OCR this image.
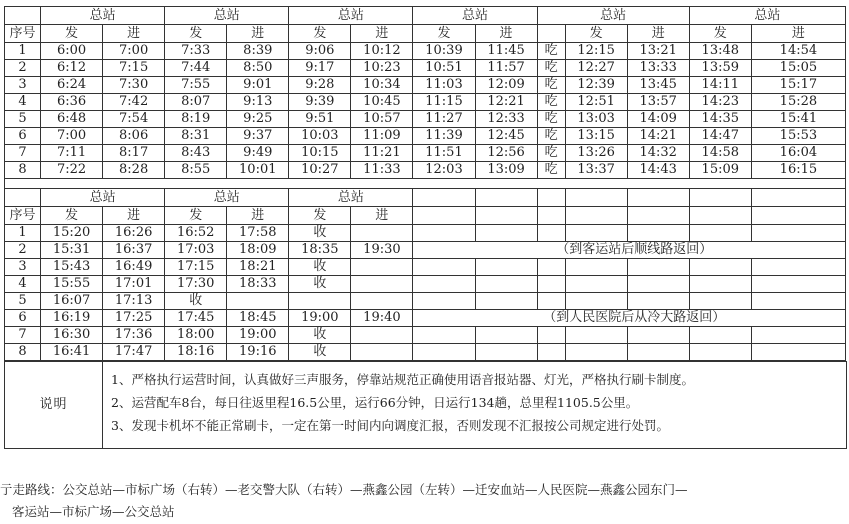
	总站		总站		总站		总站		总站			总站	
序号	发	进	发	进	发	进	发	进		发	进	发	进
1	6:00	7:00	7:33	8:39	9:06	10:12	10:39	11:45	吃	12:15	13:21	13:48	14:54
2	6:12	7:15	7:44	8:50	9:17	10:23	10:51	11:57	吃	12:27	13:33	13:59	15:05
3	6:24	7:30	7:55	9:01	9:28	10:34	11:03	12:09	吃	12:39	13:45	14:11	15:17
4	6:36	7:42	8:07	9:13	9:39	10:45	11:15	12:21	吃	12:51	13:57	14:23	15:28
5	6:48	7:54	8:19	9:25	9:51	10:57	11:27	12:33	吃	13:03	14:09	14:35	15:41
6	7:00	8:06	8:31	9:37	10:03	11:09	11:39	12:45	吃	13:15	14:21	14:47	15:53
7	7:11	8:17	8:43	9:49	10:15	11:21	11:51	12:56	吃	13:26	14:32	14:58	16:04
8	7:22	8:28	8:55	10:01	10:27	11:33	12:03	13:09	吃	13:37	14:43	15:09	16:15
	总站		总站		总站								
序号	发	进	发	进	发	进							
1	15:20	16:26	16:52	17:58	收								
2	15:31	16:37	17:03	18:09	18:35	19:30	（到客运站后顺线路返回）						
3	15:43	16:49	17:15	18:21	收								
4	15:55	17:01	17:30	18:33	收								
5	16:07	17:13	收										
6	16:19	17:25	17:45	18:45	19:00	19:40	（到人民医院后从冷大路返回）						
7	16:30	17:36	18:00	19:00	收								
8	16:41	17:47	18:16	19:16	收								
说明	
1、严格执行运营时间，认真做好三声服务，停靠站规范正确使用语音报站器、灯光，严格执行刷卡制度。
2、运营配车8台，每日往返里程16.5公里，运行66分钟，日运行134趟，总里程1105.5公里。
3、发现卡机坏不能正常刷卡，一定在第一时间内向调度汇报，否则发现不汇报按公司规定进行处罚。
亍走路线：公交总站—市标广场（右转）—老交警大队（右转）—燕鑫公园（左转）—迁安血站—人民医院—燕鑫公园东门—
客运站—市标广场—公交总站
